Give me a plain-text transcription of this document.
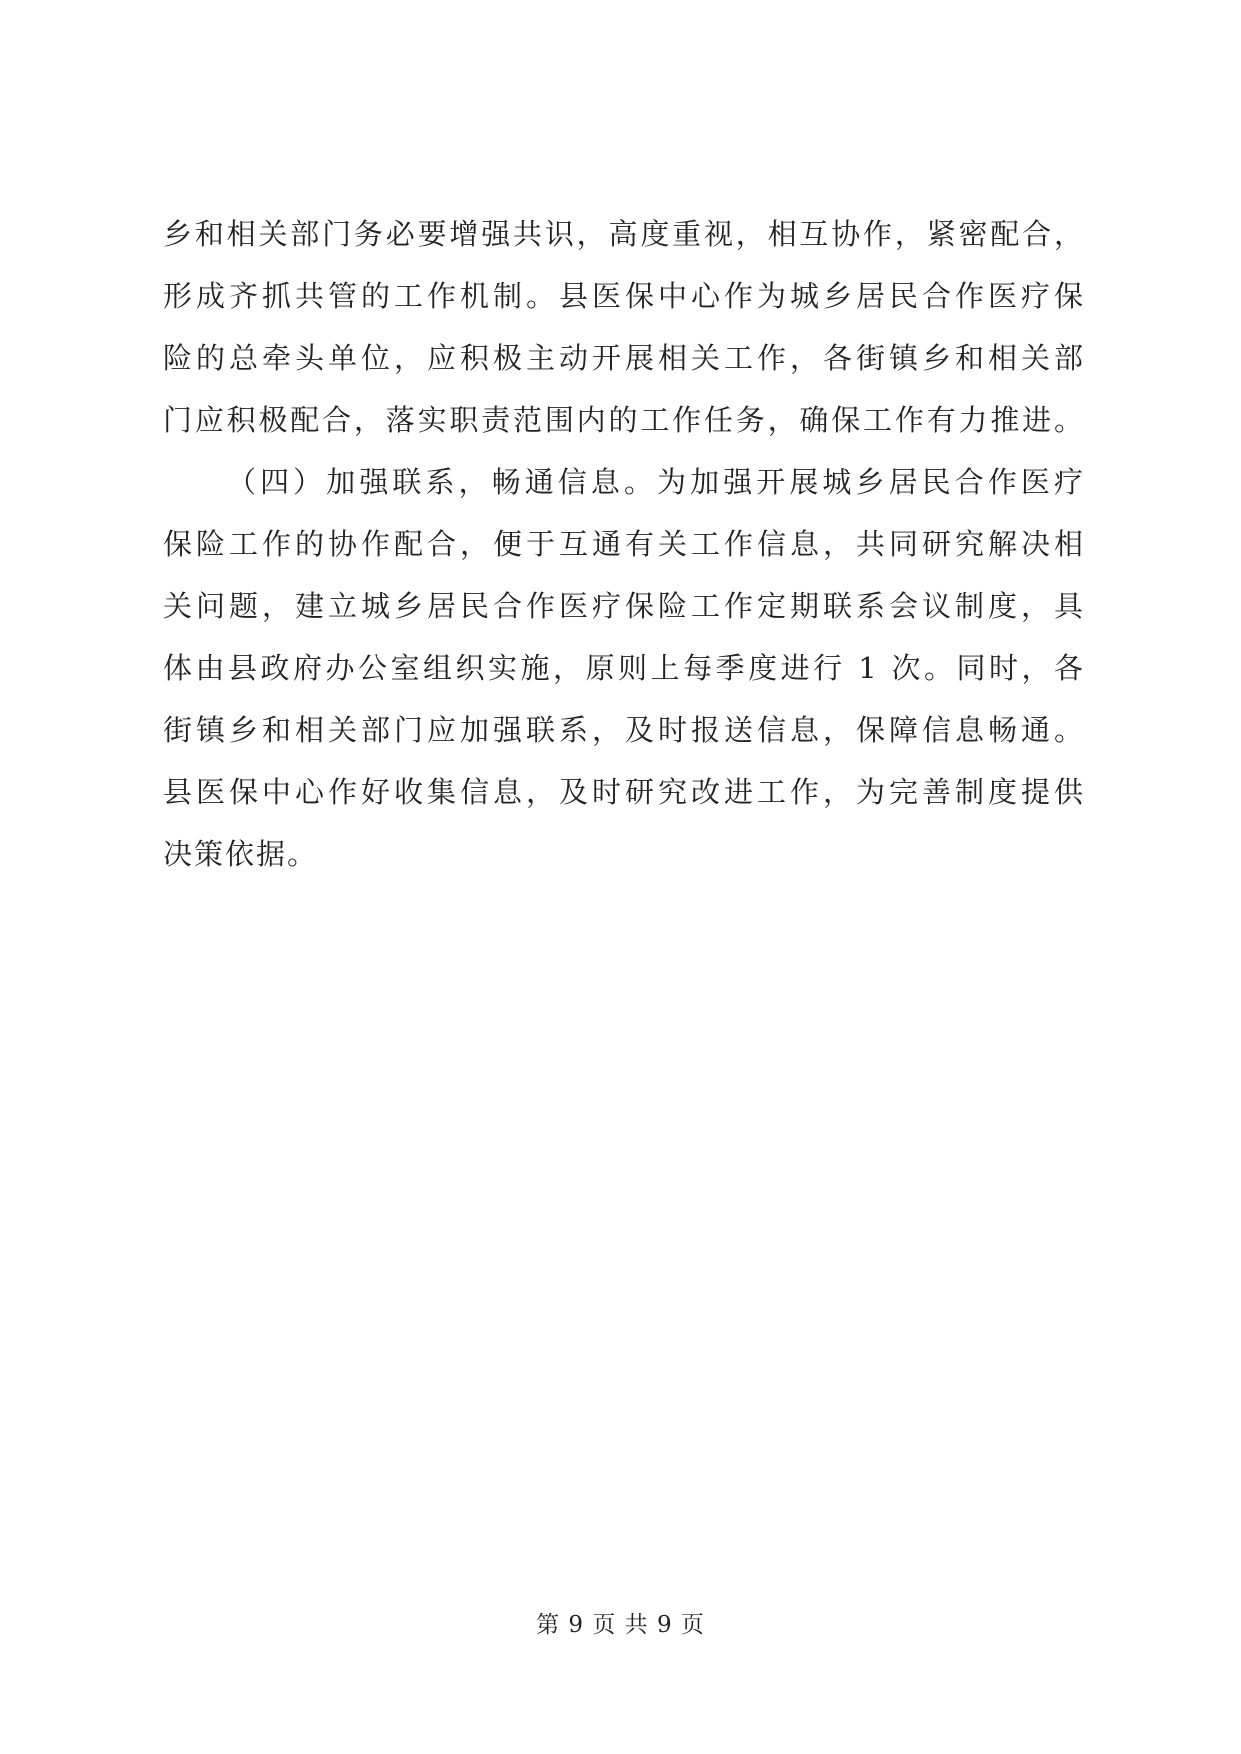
乡和相关部门务必要增强共识，高度重视，相互协作，紧密配合，
形成齐抓共管的工作机制。县医保中心作为城乡居民合作医疗保
险的总牵头单位，应积极主动开展相关工作，各街镇乡和相关部
门应积极配合，落实职责范围内的工作任务，确保工作有力推进。
（四）加强联系，畅通信息。为加强开展城乡居民合作医疗
保险工作的协作配合，便于互通有关工作信息，共同研究解决相
关问题，建立城乡居民合作医疗保险工作定期联系会议制度，具
体由县政府办公室组织实施，原则上每季度进行 1 次。同时，各
街镇乡和相关部门应加强联系，及时报送信息，保障信息畅通。
县医保中心作好收集信息，及时研究改进工作，为完善制度提供
决策依据。
第 9 页 共 9 页
